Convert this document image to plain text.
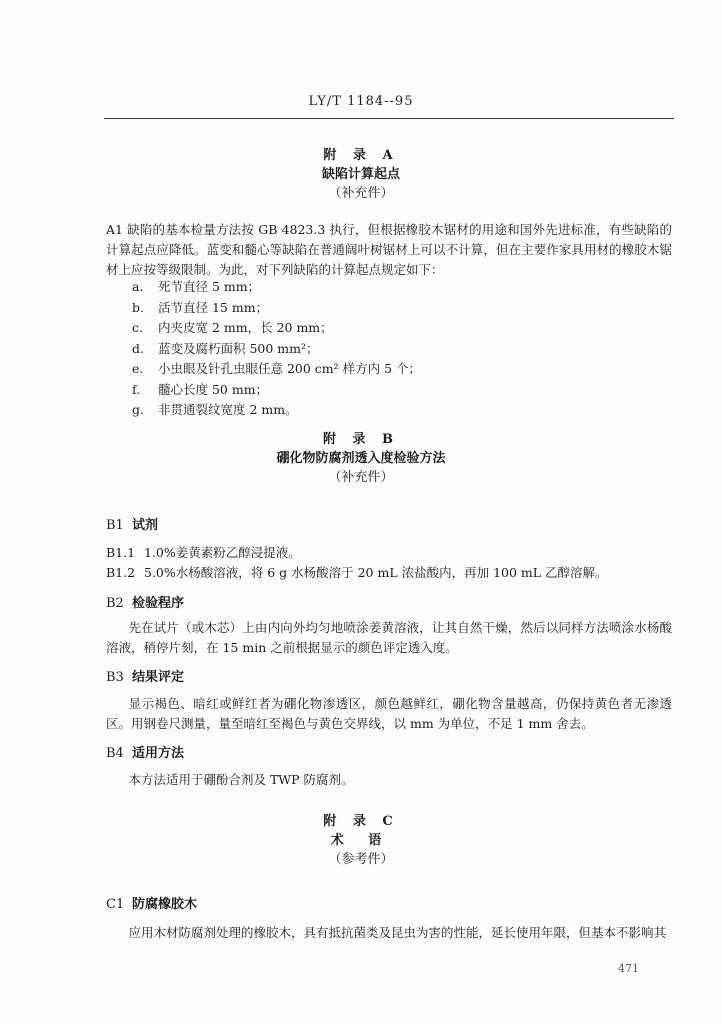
LY/T 1184--95
附 录 A
缺陷计算起点
（补充件）
A1 缺陷的基本检量方法按 GB 4823.3 执行，但根据橡胶木锯材的用途和国外先进标准，有些缺陷的计算起点应降低。蓝变和髓心等缺陷在普通阔叶树锯材上可以不计算，但在主要作家具用材的橡胶木锯材上应按等级限制。为此，对下列缺陷的计算起点规定如下：
a.	死节直径 5 mm；
b.	活节直径 15 mm；
c.	内夹皮宽 2 mm，长 20 mm；
d.	蓝变及腐朽面积 500 mm²；
e.	小虫眼及针孔虫眼任意 200 cm² 样方内 5 个；
f.	髓心长度 50 mm；
g.	非贯通裂纹宽度 2 mm。
附 录 B
硼化物防腐剂透入度检验方法
（补充件）
B1 试剂
B1.1 1.0%姜黄素粉乙醇浸提液。
B1.2 5.0%水杨酸溶液，将 6 g 水杨酸溶于 20 mL 浓盐酸内，再加 100 mL 乙醇溶解。
B2 检验程序
先在试片（或木芯）上由内向外均匀地喷涂姜黄溶液，让其自然干燥，然后以同样方法喷涂水杨酸溶液，稍停片刻，在 15 min 之前根据显示的颜色评定透入度。
B3 结果评定
显示褐色、暗红或鲜红者为硼化物渗透区，颜色越鲜红，硼化物含量越高，仍保持黄色者无渗透区。用钢卷尺测量，量至暗红至褐色与黄色交界线，以 mm 为单位，不足 1 mm 舍去。
B4 适用方法
本方法适用于硼酚合剂及 TWP 防腐剂。
附 录 C
术 语
（参考件）
C1 防腐橡胶木
应用木材防腐剂处理的橡胶木，具有抵抗菌类及昆虫为害的性能，延长使用年限，但基本不影响其
471
